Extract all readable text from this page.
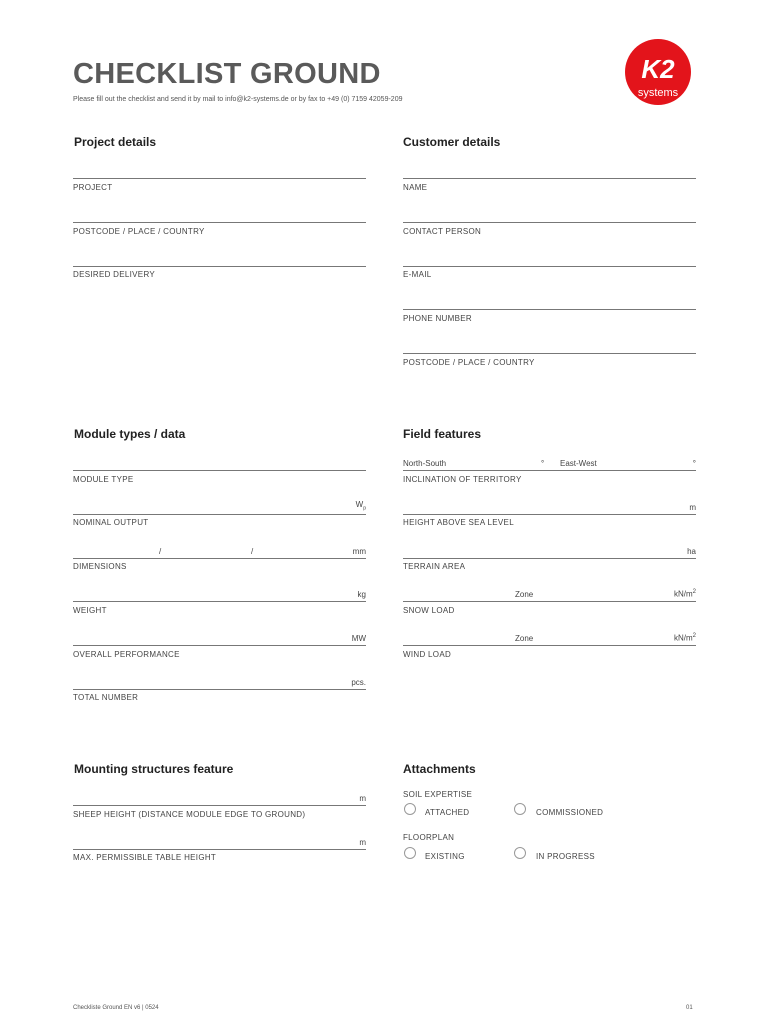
CHECKLIST GROUND
Please fill out the checklist and send it by mail to info@k2-systems.de or by fax to +49 (0) 7159 42059-209
K2
systems
Project details
PROJECT
POSTCODE / PLACE / COUNTRY
DESIRED DELIVERY
Customer details
NAME
CONTACT PERSON
E-MAIL
PHONE NUMBER
POSTCODE / PLACE / COUNTRY
Module types / data
MODULE TYPE
$W_p$
NOMINAL OUTPUT
/	/	mm
DIMENSIONS
kg
WEIGHT
MW
OVERALL PERFORMANCE
pcs.
TOTAL NUMBER
Field features
North-South	° East-West	°
INCLINATION OF TERRITORY
m
HEIGHT ABOVE SEA LEVEL
ha
TERRAIN AREA
Zone	$kN/m^2$
SNOW LOAD
Zone	$kN/m^2$
WIND LOAD
Mounting structures feature
m
SHEEP HEIGHT (DISTANCE MODULE EDGE TO GROUND)
m
MAX. PERMISSIBLE TABLE HEIGHT
Attachments
SOIL EXPERTISE
ATTACHED	COMMISSIONED
FLOORPLAN
EXISTING	IN PROGRESS
Checkliste Ground EN v6 | 0524	01
